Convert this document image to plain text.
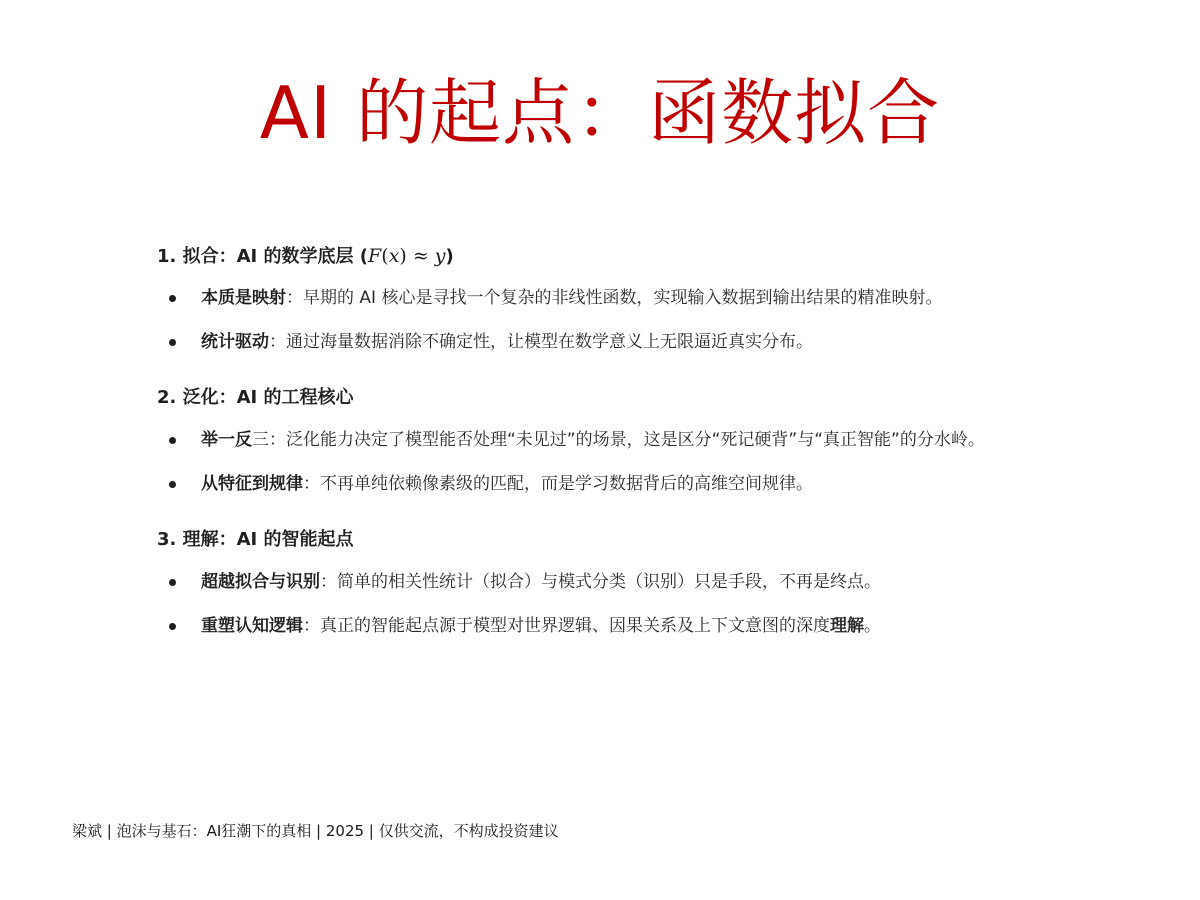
AI 的起点：函数拟合
1. 拟合：AI 的数学底层 (F(x) ≈ y)
本质是映射：早期的 AI 核心是寻找一个复杂的非线性函数，实现输入数据到输出结果的精准映射。
统计驱动：通过海量数据消除不确定性，让模型在数学意义上无限逼近真实分布。
2. 泛化：AI 的工程核心
举一反三：泛化能力决定了模型能否处理“未见过”的场景，这是区分“死记硬背”与“真正智能”的分水岭。
从特征到规律：不再单纯依赖像素级的匹配，而是学习数据背后的高维空间规律。
3. 理解：AI 的智能起点
超越拟合与识别：简单的相关性统计（拟合）与模式分类（识别）只是手段，不再是终点。
重塑认知逻辑：真正的智能起点源于模型对世界逻辑、因果关系及上下文意图的深度理解。
梁斌 | 泡沫与基石：AI狂潮下的真相 | 2025 | 仅供交流，不构成投资建议
